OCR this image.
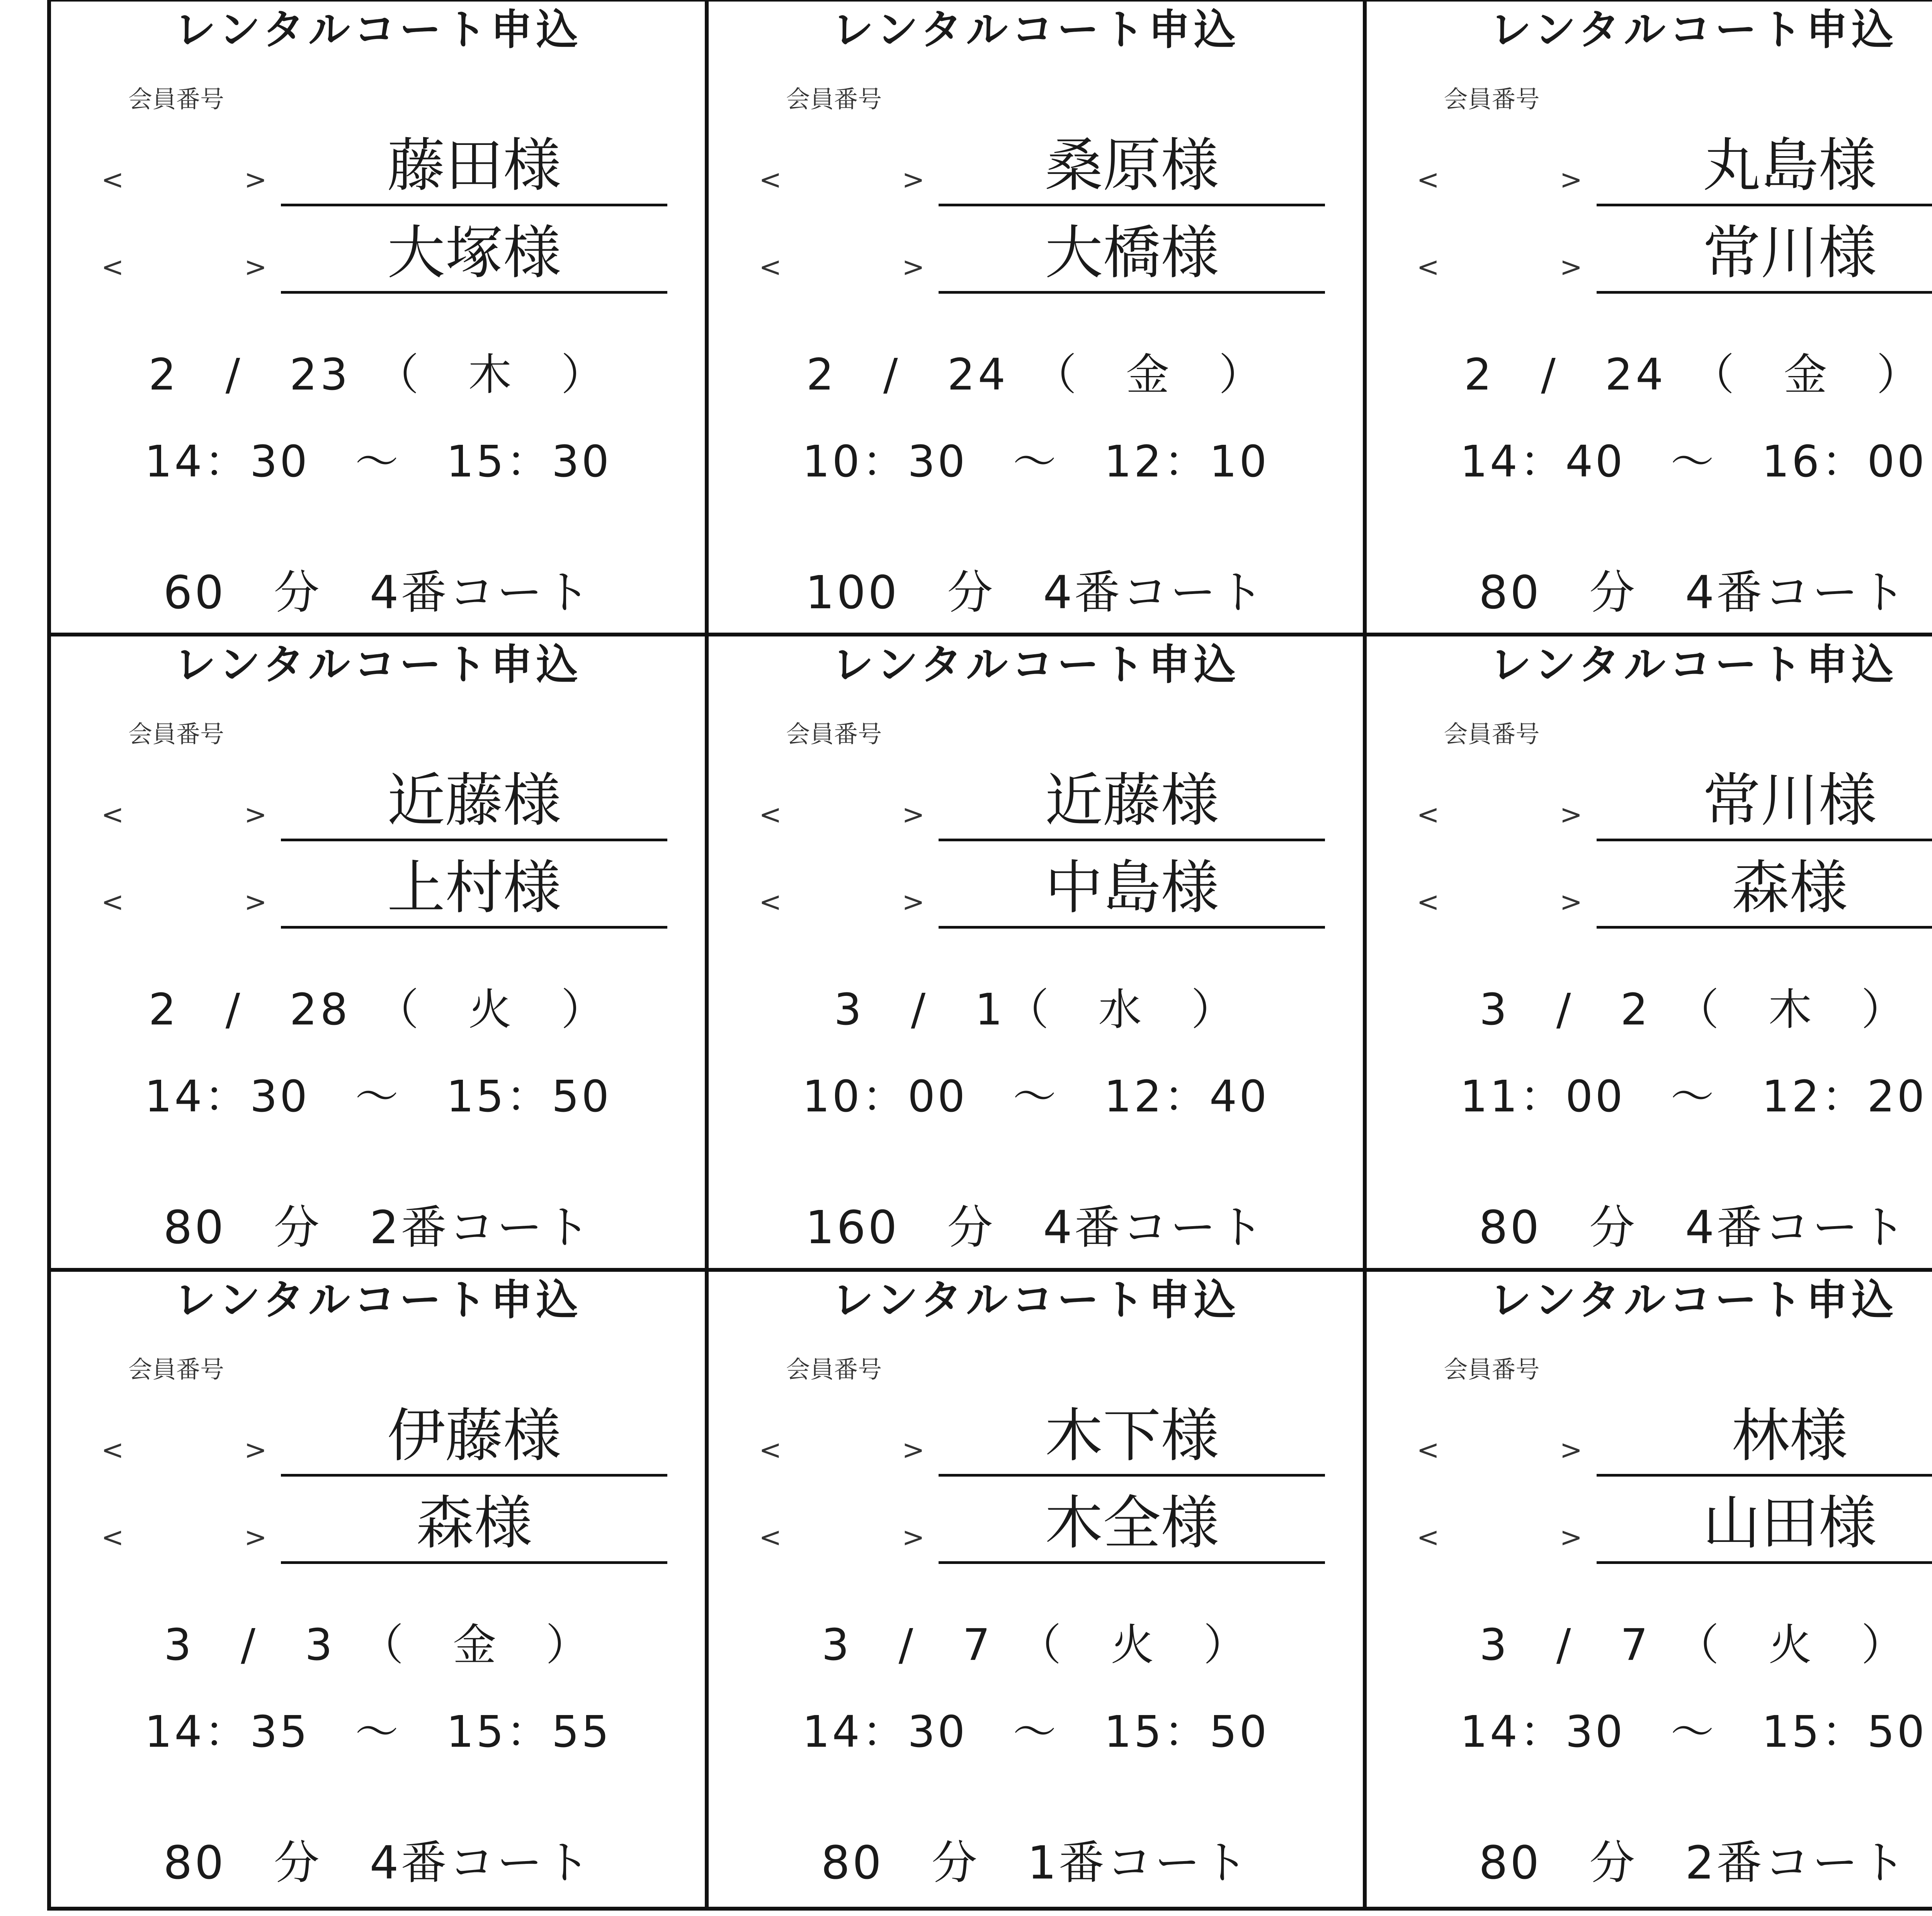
レンタルコート申込
会員番号
<	>	藤田様
<	>	大塚様
2　/　23　（　木　）
14：30　～　15：30
60　分　4番コート
レンタルコート申込
会員番号
<	>	桑原様
<	>	大橋様
2　/　24　（　金　）
10：30　～　12：10
100　分　4番コート
レンタルコート申込
会員番号
<	>	丸島様
<	>	常川様
2　/　24　（　金　）
14：40　～　16：00
80　分　4番コート
レンタルコート申込
会員番号
<	>	近藤様
<	>	上村様
2　/　28　（　火　）
14：30　～　15：50
80　分　2番コート
レンタルコート申込
会員番号
<	>	近藤様
<	>	中島様
3　/　1（　水　）
10：00　～　12：40
160　分　4番コート
レンタルコート申込
会員番号
<	>	常川様
<	>	森様
3　/　2　（　木　）
11：00　～　12：20
80　分　4番コート
レンタルコート申込
会員番号
<	>	伊藤様
<	>	森様
3　/　3　（　金　）
14：35　～　15：55
80　分　4番コート
レンタルコート申込
会員番号
<	>	木下様
<	>	木全様
3　/　7　（　火　）
14：30　～　15：50
80　分　1番コート
レンタルコート申込
会員番号
<	>	林様
<	>	山田様
3　/　7　（　火　）
14：30　～　15：50
80　分　2番コート
